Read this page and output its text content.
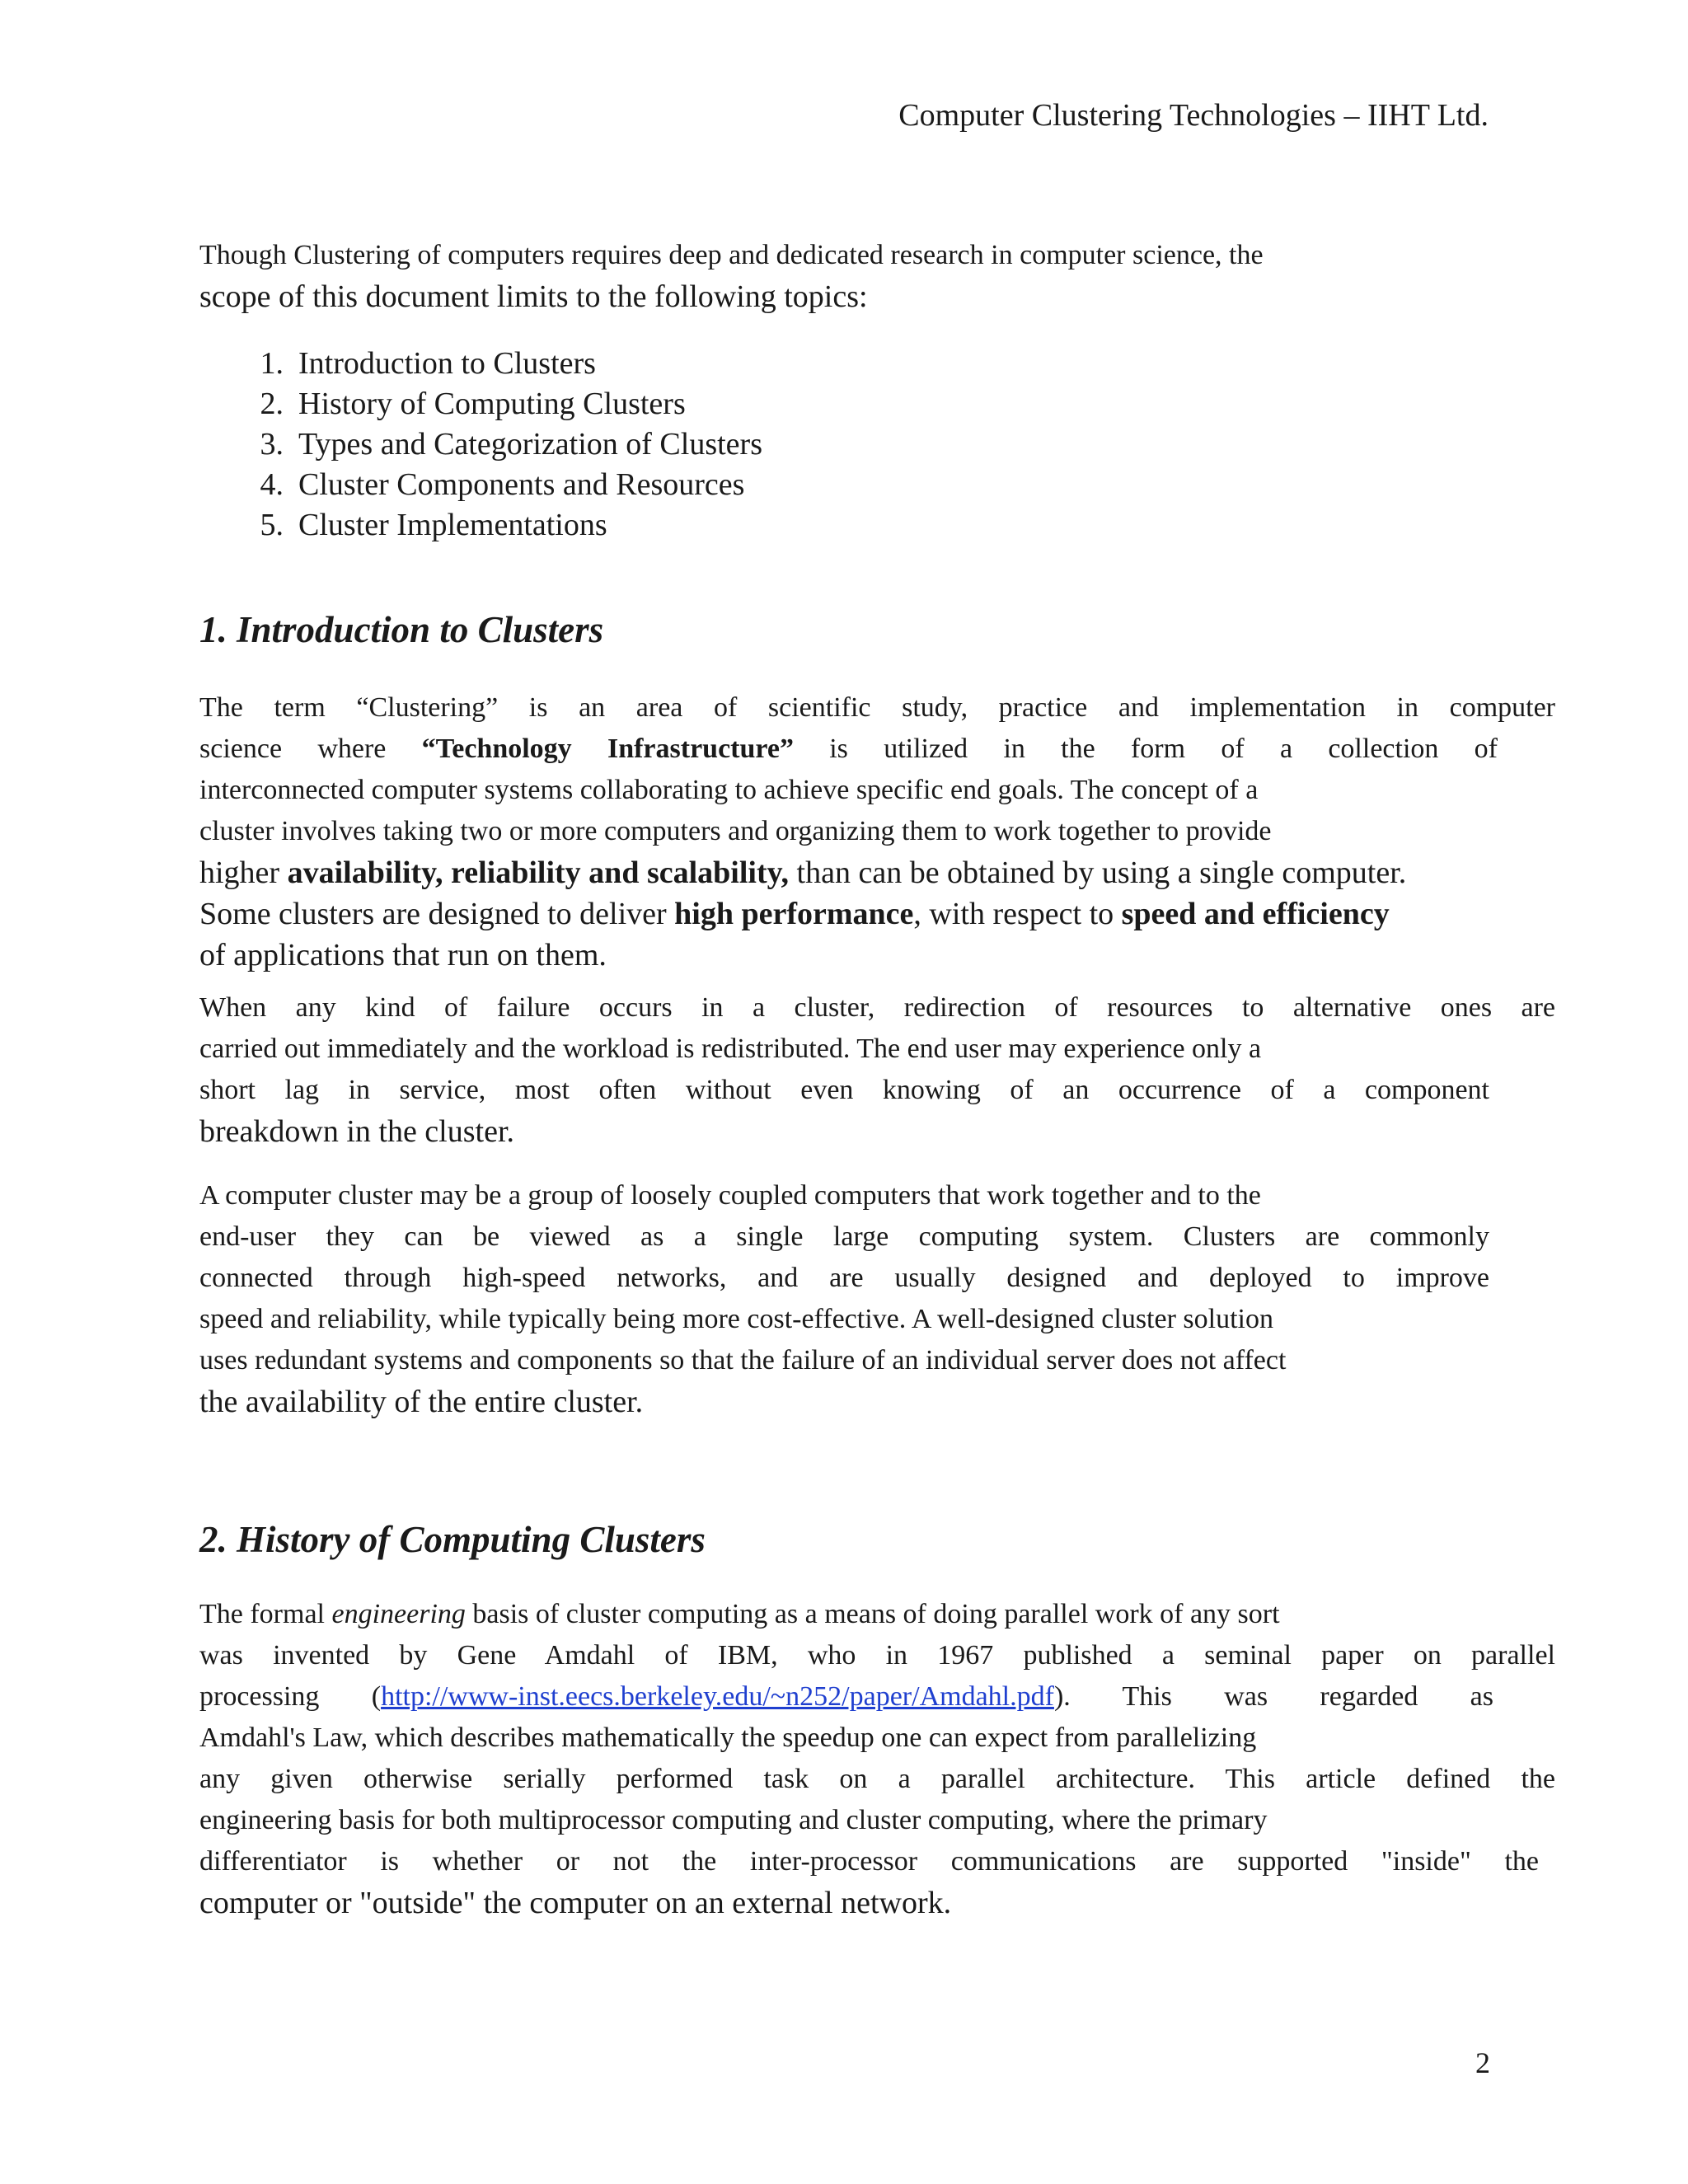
Computer Clustering Technologies – IIHT Ltd.

Though Clustering of computers requires deep and dedicated research in computer science, the

scope of this document limits to the following topics:

1. Introduction to Clusters
2. History of Computing Clusters
3. Types and Categorization of Clusters
4. Cluster Components and Resources
5. Cluster Implementations
1. Introduction to Clusters

The term “Clustering” is an area of scientific study, practice and implementation in computer

science where “Technology Infrastructure” is utilized in the form of a collection of

interconnected computer systems collaborating to achieve specific end goals. The concept of a

cluster involves taking two or more computers and organizing them to work together to provide

higher availability, reliability and scalability, than can be obtained by using a single computer.

Some clusters are designed to deliver high performance, with respect to speed and efficiency

of applications that run on them.

When any kind of failure occurs in a cluster, redirection of resources to alternative ones are

carried out immediately and the workload is redistributed. The end user may experience only a

short lag in service, most often without even knowing of an occurrence of a component

breakdown in the cluster.

A computer cluster may be a group of loosely coupled computers that work together and to the

end-user they can be viewed as a single large computing system. Clusters are commonly

connected through high-speed networks, and are usually designed and deployed to improve

speed and reliability, while typically being more cost-effective. A well-designed cluster solution

uses redundant systems and components so that the failure of an individual server does not affect

the availability of the entire cluster.

2. History of Computing Clusters

The formal engineering basis of cluster computing as a means of doing parallel work of any sort

was invented by Gene Amdahl of IBM, who in 1967 published a seminal paper on parallel

processing (http://www-inst.eecs.berkeley.edu/~n252/paper/Amdahl.pdf). This was regarded as

Amdahl's Law, which describes mathematically the speedup one can expect from parallelizing

any given otherwise serially performed task on a parallel architecture. This article defined the

engineering basis for both multiprocessor computing and cluster computing, where the primary

differentiator is whether or not the inter-processor communications are supported "inside" the

computer or "outside" the computer on an external network.

2
